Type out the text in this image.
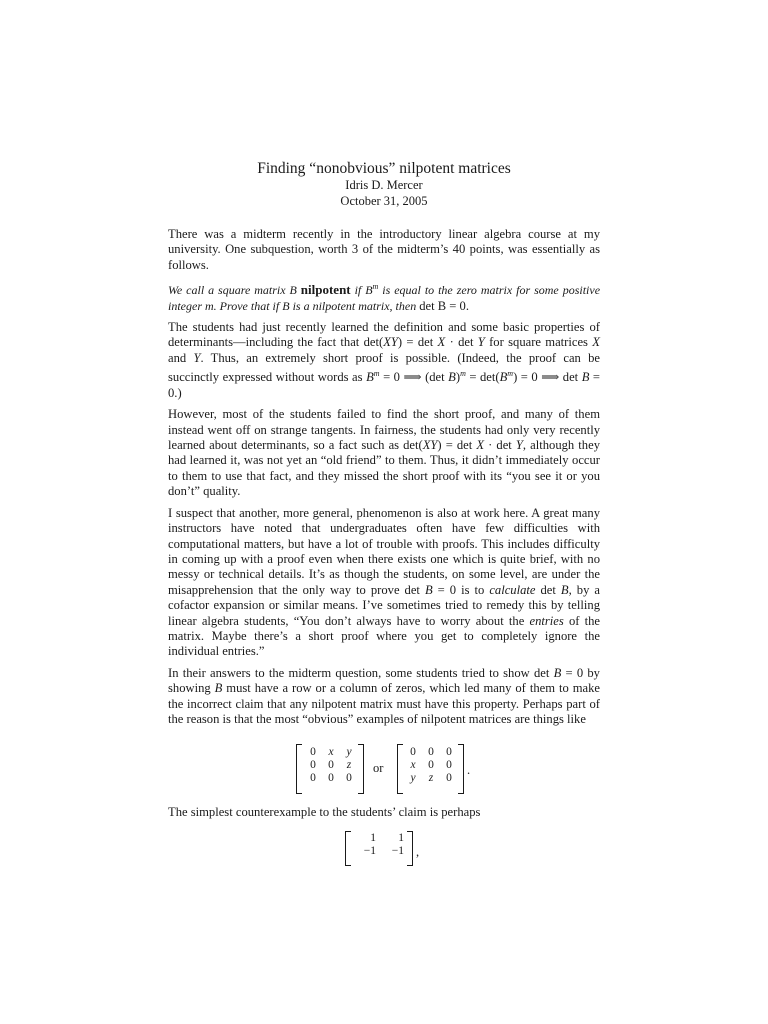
Finding “nonobvious” nilpotent matrices
Idris D. Mercer
October 31, 2005

There was a midterm recently in the introductory linear algebra course at my university. One subquestion, worth 3 of the midterm’s 40 points, was essentially as follows.

We call a square matrix B nilpotent if $B^m$ is equal to the zero matrix for some positive integer m. Prove that if B is a nilpotent matrix, then det B = 0.

The students had just recently learned the definition and some basic properties of determinants—including the fact that det(XY) = det X · det Y for square matrices X and Y. Thus, an extremely short proof is possible. (Indeed, the proof can be succinctly expressed without words as $B^m = 0$ ⟹ (det $B)^m = \det(B^m) = 0$ ⟹ det B = 0.)

However, most of the students failed to find the short proof, and many of them instead went off on strange tangents. In fairness, the students had only very recently learned about determinants, so a fact such as det(XY) = det X · det Y, although they had learned it, was not yet an “old friend” to them. Thus, it didn’t immediately occur to them to use that fact, and they missed the short proof with its “you see it or you don’t” quality.

I suspect that another, more general, phenomenon is also at work here. A great many instructors have noted that undergraduates often have few difficulties with computational matters, but have a lot of trouble with proofs. This includes difficulty in coming up with a proof even when there exists one which is quite brief, with no messy or technical details. It’s as though the students, on some level, are under the misapprehension that the only way to prove det B = 0 is to calculate det B, by a cofactor expansion or similar means. I’ve sometimes tried to remedy this by telling linear algebra students, “You don’t always have to worry about the entries of the matrix. Maybe there’s a short proof where you get to completely ignore the individual entries.”

In their answers to the midterm question, some students tried to show det B = 0 by showing B must have a row or a column of zeros, which led many of them to make the incorrect claim that any nilpotent matrix must have this property. Perhaps part of the reason is that the most “obvious” examples of nilpotent matrices are things like

0	x	y
0	0	z
0	0	0
or
0	0	0
x	0	0
y	z	0
.

The simplest counterexample to the students’ claim is perhaps

1	1
−1	−1 ,
